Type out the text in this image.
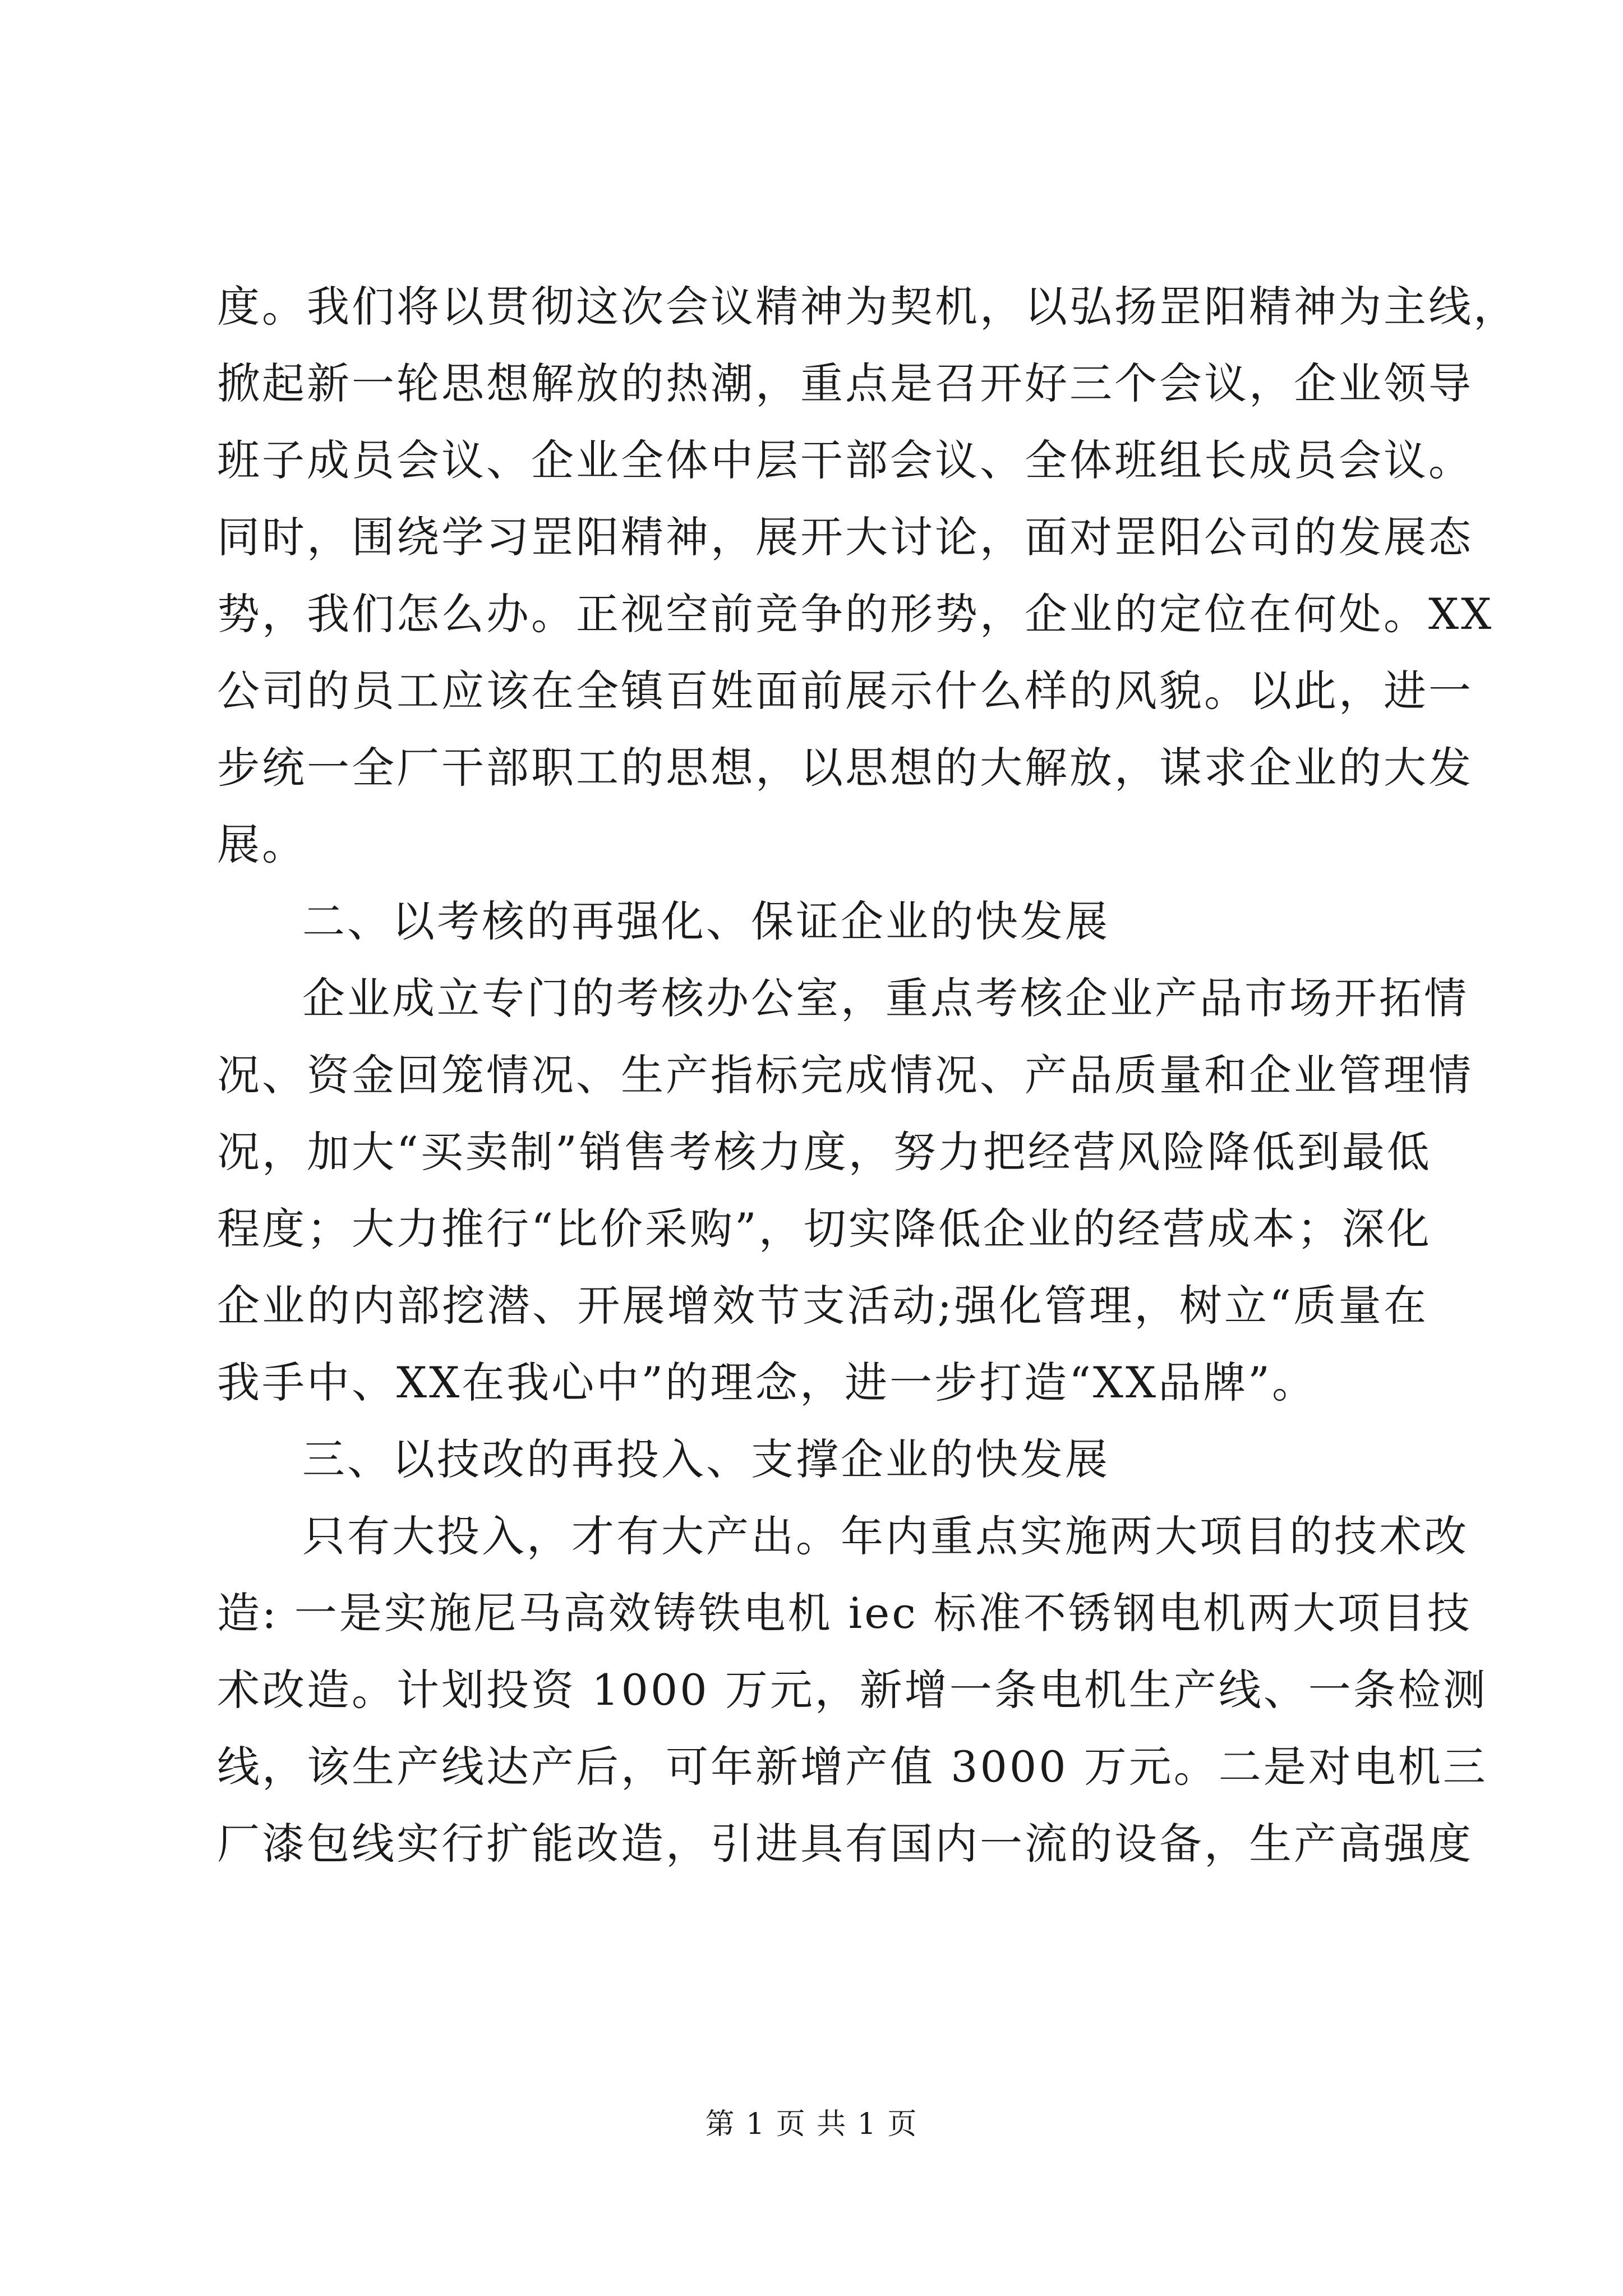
度。我们将以贯彻这次会议精神为契机，以弘扬罡阳精神为主线，
掀起新一轮思想解放的热潮，重点是召开好三个会议，企业领导
班子成员会议、企业全体中层干部会议、全体班组长成员会议。
同时，围绕学习罡阳精神，展开大讨论，面对罡阳公司的发展态
势，我们怎么办。正视空前竞争的形势，企业的定位在何处。XX
公司的员工应该在全镇百姓面前展示什么样的风貌。以此，进一
步统一全厂干部职工的思想，以思想的大解放，谋求企业的大发
展。
二、以考核的再强化、保证企业的快发展
企业成立专门的考核办公室，重点考核企业产品市场开拓情
况、资金回笼情况、生产指标完成情况、产品质量和企业管理情
况，加大“买卖制”销售考核力度，努力把经营风险降低到最低
程度；大力推行“比价采购”，切实降低企业的经营成本；深化
企业的内部挖潜、开展增效节支活动;强化管理，树立“质量在
我手中、XX在我心中”的理念，进一步打造“XX品牌”。
三、以技改的再投入、支撑企业的快发展
只有大投入，才有大产出。年内重点实施两大项目的技术改
造: 一是实施尼马高效铸铁电机 iec 标准不锈钢电机两大项目技
术改造。计划投资 1000 万元，新增一条电机生产线、一条检测
线，该生产线达产后，可年新增产值 3000 万元。二是对电机三
厂漆包线实行扩能改造，引进具有国内一流的设备，生产高强度
第 1 页 共 1 页
